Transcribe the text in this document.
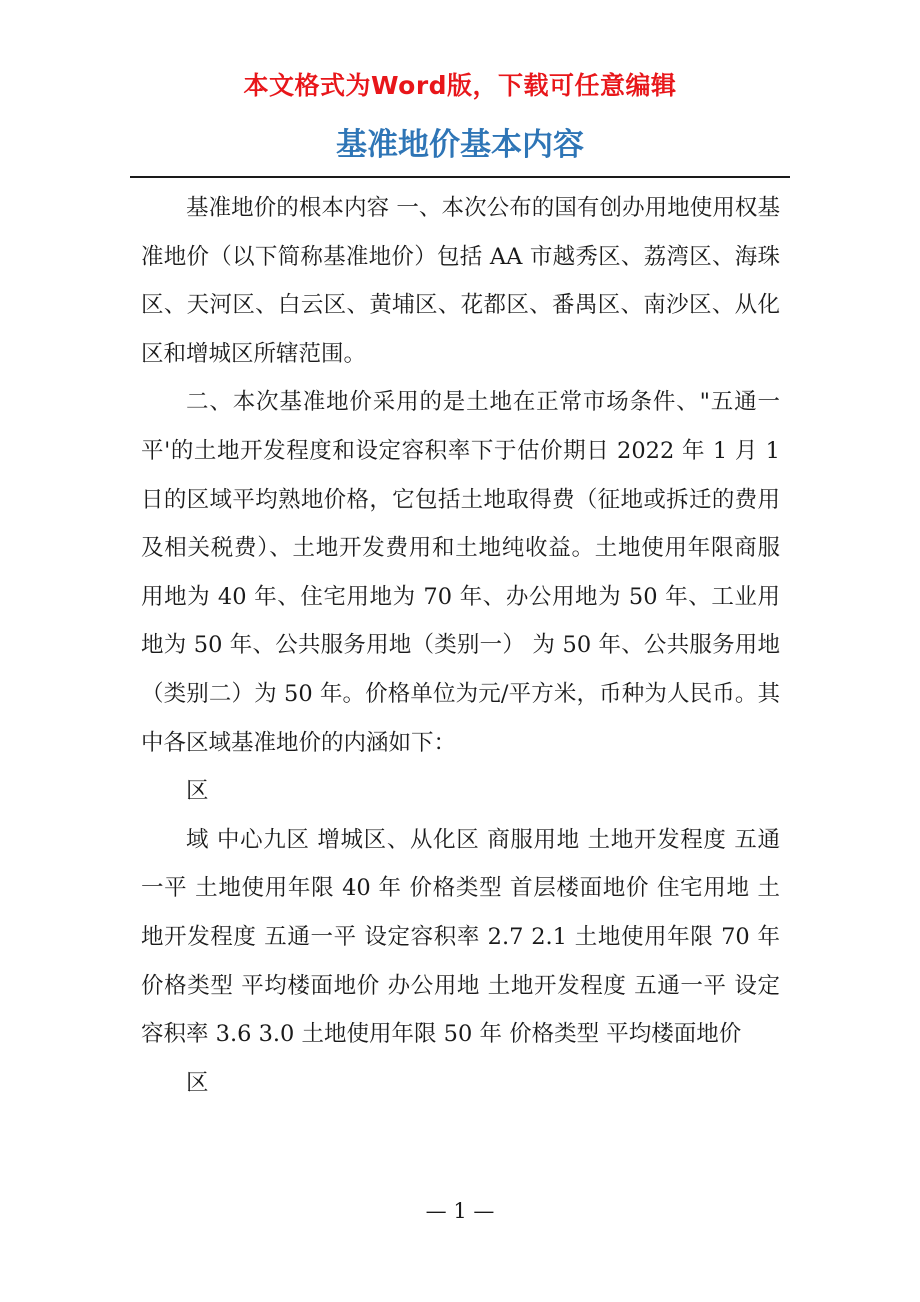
本文格式为Word版，下载可任意编辑
基准地价基本内容

基准地价的根本内容 一、本次公布的国有创办用地使用权基准地价（以下简称基准地价）包括 AA 市越秀区、荔湾区、海珠区、天河区、白云区、黄埔区、花都区、番禺区、南沙区、从化区和增城区所辖范围。

二、本次基准地价采用的是土地在正常市场条件、"五通一平'的土地开发程度和设定容积率下于估价期日 2022 年 1 月 1 日的区域平均熟地价格，它包括土地取得费（征地或拆迁的费用及相关税费）、土地开发费用和土地纯收益。土地使用年限商服用地为 40 年、住宅用地为 70 年、办公用地为 50 年、工业用地为 50 年、公共服务用地（类别一） 为 50 年、公共服务用地（类别二）为 50 年。价格单位为元/平方米，币种为人民币。其中各区域基准地价的内涵如下：

区

域 中心九区 增城区、从化区 商服用地 土地开发程度 五通一平 土地使用年限 40 年 价格类型 首层楼面地价 住宅用地 土地开发程度 五通一平 设定容积率 2.7 2.1 土地使用年限 70 年 价格类型 平均楼面地价 办公用地 土地开发程度 五通一平 设定容积率 3.6 3.0 土地使用年限 50 年 价格类型 平均楼面地价

区

— 1 —
